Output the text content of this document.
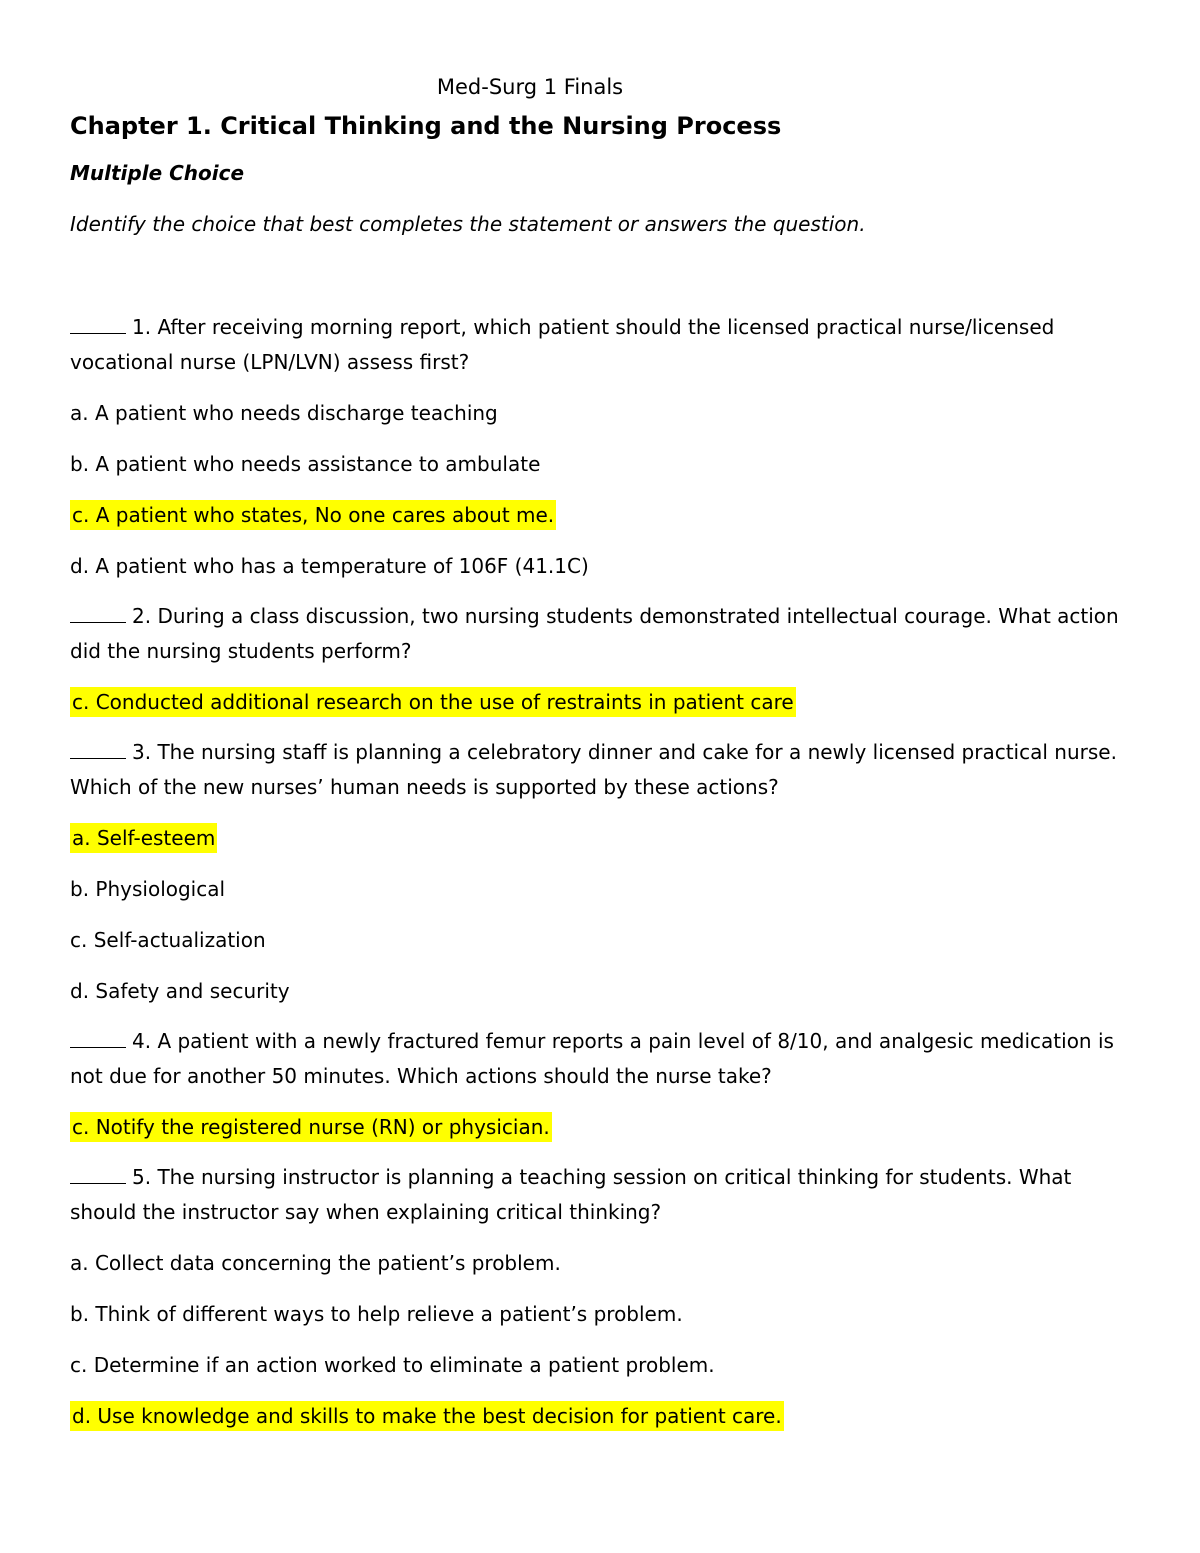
Med-Surg 1 Finals
Chapter 1. Critical Thinking and the Nursing Process
Multiple Choice
Identify the choice that best completes the statement or answers the question.
1. After receiving morning report, which patient should the licensed practical nurse/licensed vocational nurse (LPN/LVN) assess first?
a. A patient who needs discharge teaching
b. A patient who needs assistance to ambulate
c. A patient who states, No one cares about me.
d. A patient who has a temperature of 106F (41.1C)
2. During a class discussion, two nursing students demonstrated intellectual courage. What action did the nursing students perform?
c. Conducted additional research on the use of restraints in patient care
3. The nursing staff is planning a celebratory dinner and cake for a newly licensed practical nurse. Which of the new nurses’ human needs is supported by these actions?
a. Self-esteem
b. Physiological
c. Self-actualization
d. Safety and security
4. A patient with a newly fractured femur reports a pain level of 8/10, and analgesic medication is not due for another 50 minutes. Which actions should the nurse take?
c. Notify the registered nurse (RN) or physician.
5. The nursing instructor is planning a teaching session on critical thinking for students. What should the instructor say when explaining critical thinking?
a. Collect data concerning the patient’s problem.
b. Think of different ways to help relieve a patient’s problem.
c. Determine if an action worked to eliminate a patient problem.
d. Use knowledge and skills to make the best decision for patient care.
